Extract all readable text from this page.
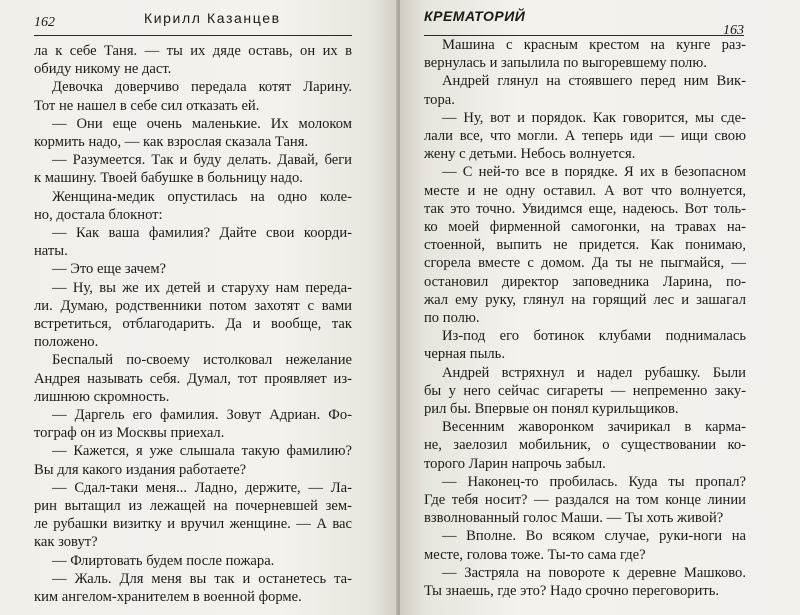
162	Кирилл Казанцев
ла к себе Таня. — ты их дяде оставь, он их в
обиду никому не даст.
Девочка доверчиво передала котят Ларину.
Тот не нашел в себе сил отказать ей.
— Они еще очень маленькие. Их молоком
кормить надо, — как взрослая сказала Таня.
— Разумеется. Так и буду делать. Давай, беги
к машину. Твоей бабушке в больницу надо.
Женщина-медик опустилась на одно коле-
но, достала блокнот:
— Как ваша фамилия? Дайте свои коорди-
наты.
— Это еще зачем?
— Ну, вы же их детей и старуху нам переда-
ли. Думаю, родственники потом захотят с вами
встретиться, отблагодарить. Да и вообще, так
положено.
Беспалый по-своему истолковал нежелание
Андрея называть себя. Думал, тот проявляет из-
лишнюю скромность.
— Даргель его фамилия. Зовут Адриан. Фо-
тограф он из Москвы приехал.
— Кажется, я уже слышала такую фамилию?
Вы для какого издания работаете?
— Сдал-таки меня... Ладно, держите, — Ла-
рин вытащил из лежащей на почерневшей зем-
ле рубашки визитку и вручил женщине. — А вас
как зовут?
— Флиртовать будем после пожара.
— Жаль. Для меня вы так и останетесь та-
ким ангелом-хранителем в военной форме.
КРЕМАТОРИЙ
163
Машина с красным крестом на кунге раз-
вернулась и запылила по выгоревшему полю.
Андрей глянул на стоявшего перед ним Вик-
тора.
— Ну, вот и порядок. Как говорится, мы сде-
лали все, что могли. А теперь иди — ищи свою
жену с детьми. Небось волнуется.
— С ней-то все в порядке. Я их в безопасном
месте и не одну оставил. А вот что волнуется,
так это точно. Увидимся еще, надеюсь. Вот толь-
ко моей фирменной самогонки, на травах на-
стоенной, выпить не придется. Как понимаю,
сгорела вместе с домом. Да ты не пыгмайся, —
остановил директор заповедника Ларина, по-
жал ему руку, глянул на горящий лес и зашагал
по полю.
Из-под его ботинок клубами поднималась
черная пыль.
Андрей встряхнул и надел рубашку. Были
бы у него сейчас сигареты — непременно заку-
рил бы. Впервые он понял курильщиков.
Весенним жаворонком зачирикал в карма-
не, заелозил мобильник, о существовании ко-
торого Ларин напрочь забыл.
— Наконец-то пробилась. Куда ты пропал?
Где тебя носит? — раздался на том конце линии
взволнованный голос Маши. — Ты хоть живой?
— Вполне. Во всяком случае, руки-ноги на
месте, голова тоже. Ты-то сама где?
— Застряла на повороте к деревне Машково.
Ты знаешь, где это? Надо срочно переговорить.
